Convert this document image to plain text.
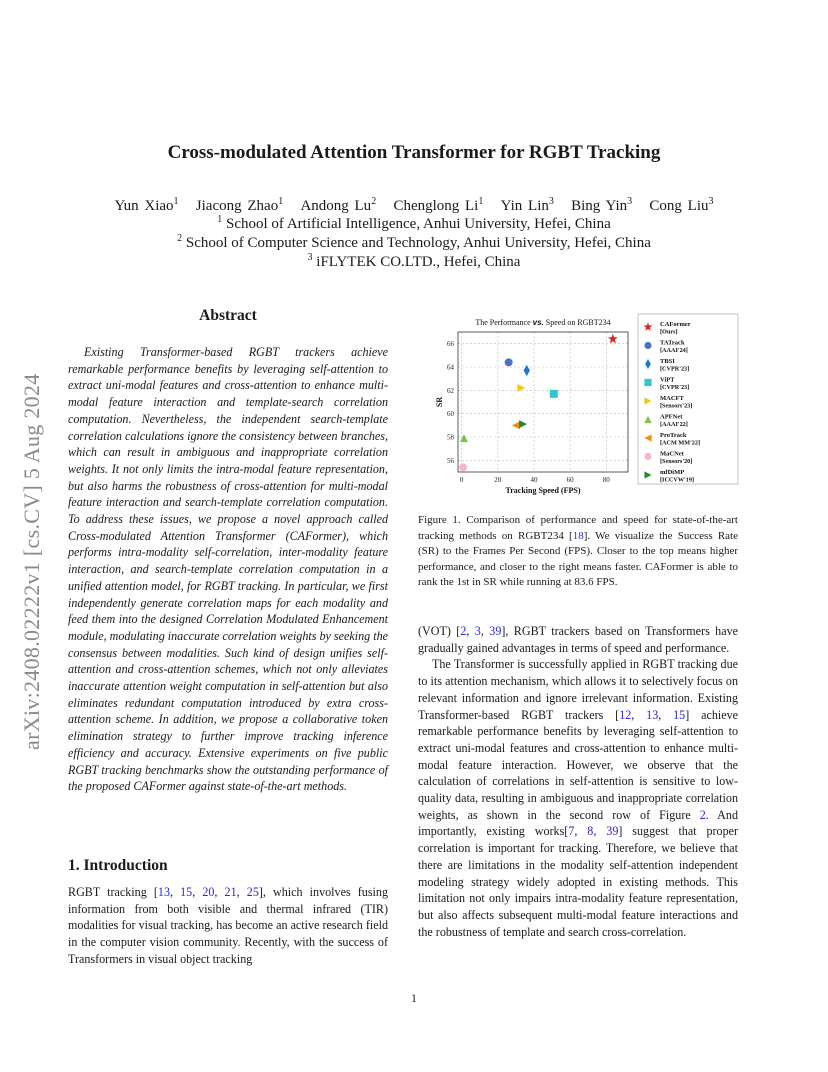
arXiv:2408.02222v1 [cs.CV] 5 Aug 2024
Cross-modulated Attention Transformer for RGBT Tracking
Yun Xiao$^1$ Jiacong Zhao$^1$ Andong Lu$^2$ Chenglong Li$^1$ Yin Lin$^3$ Bing Yin$^3$ Cong Liu$^3$
$^1$ School of Artificial Intelligence, Anhui University, Hefei, China
$^2$ School of Computer Science and Technology, Anhui University, Hefei, China
$^3$ iFLYTEK CO.LTD., Hefei, China
Abstract
Existing Transformer-based RGBT trackers achieve remarkable performance benefits by leveraging self-attention to extract uni-modal features and cross-attention to enhance multi-modal feature interaction and template-search correlation computation. Nevertheless, the independent search-template correlation calculations ignore the consistency between branches, which can result in ambiguous and inappropriate correlation weights. It not only limits the intra-modal feature representation, but also harms the robustness of cross-attention for multi-modal feature interaction and search-template correlation computation. To address these issues, we propose a novel approach called Cross-modulated Attention Transformer (CAFormer), which performs intra-modality self-correlation, inter-modality feature interaction, and search-template correlation computation in a unified attention model, for RGBT tracking. In particular, we first independently generate correlation maps for each modality and feed them into the designed Correlation Modulated Enhancement module, modulating inaccurate correlation weights by seeking the consensus between modalities. Such kind of design unifies self-attention and cross-attention schemes, which not only alleviates inaccurate attention weight computation in self-attention but also eliminates redundant computation introduced by extra cross-attention scheme. In addition, we propose a collaborative token elimination strategy to further improve tracking inference efficiency and accuracy. Extensive experiments on five public RGBT tracking benchmarks show the outstanding performance of the proposed CAFormer against state-of-the-art methods.
1. Introduction
RGBT tracking [13, 15, 20, 21, 25], which involves fusing information from both visible and thermal infrared (TIR) modalities for visual tracking, has become an active research field in the computer vision community. Recently, with the success of Transformers in visual object tracking
0	20	40	60	80
56
58
60
62
64
66
The Performance vs. Speed on RGBT234
Tracking Speed (FPS)
SR
CAFormer
[Ours]
TATrack
[AAAI'24]
TBSI
[CVPR'23]
ViPT
[CVPR'23]
MACFT
[Sensors'23]
APFNet
[AAAI'22]
ProTrack
[ACM MM'22]
MaCNet
[Sensors'20]
mfDiMP
[ICCVW'19]
Figure 1. Comparison of performance and speed for state-of-the-art tracking methods on RGBT234 [18]. We visualize the Success Rate (SR) to the Frames Per Second (FPS). Closer to the top means higher performance, and closer to the right means faster. CAFormer is able to rank the 1st in SR while running at 83.6 FPS.

(VOT) [2, 3, 39], RGBT trackers based on Transformers have gradually gained advantages in terms of speed and performance.

The Transformer is successfully applied in RGBT tracking due to its attention mechanism, which allows it to selectively focus on relevant information and ignore irrelevant information. Existing Transformer-based RGBT trackers [12, 13, 15] achieve remarkable performance benefits by leveraging self-attention to extract uni-modal features and cross-attention to enhance multi-modal feature interaction. However, we observe that the calculation of correlations in self-attention is sensitive to low-quality data, resulting in ambiguous and inappropriate correlation weights, as shown in the second row of Figure 2. And importantly, existing works[7, 8, 39] suggest that proper correlation is important for tracking. Therefore, we believe that there are limitations in the modality self-attention independent modeling strategy widely adopted in existing methods. This limitation not only impairs intra-modality feature representation, but also affects subsequent multi-modal feature interactions and the robustness of template and search cross-correlation.

1
